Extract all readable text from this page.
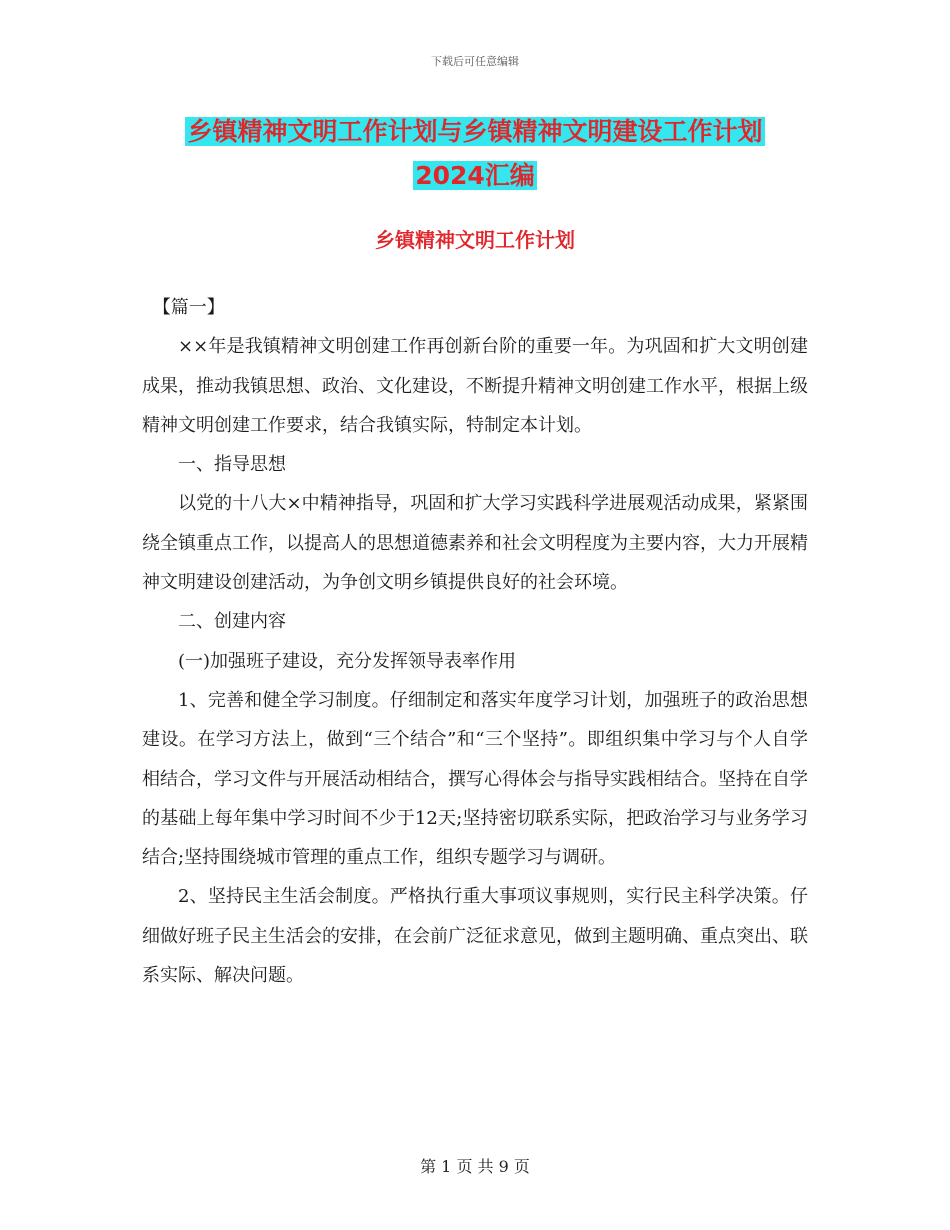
下载后可任意编辑
乡镇精神文明工作计划与乡镇精神文明建设工作计划
2024汇编
乡镇精神文明工作计划

【篇一】

××年是我镇精神文明创建工作再创新台阶的重要一年。为巩固和扩大文明创建成果，推动我镇思想、政治、文化建设，不断提升精神文明创建工作水平，根据上级精神文明创建工作要求，结合我镇实际，特制定本计划。

一、指导思想

以党的十八大×中精神指导，巩固和扩大学习实践科学进展观活动成果，紧紧围绕全镇重点工作，以提高人的思想道德素养和社会文明程度为主要内容，大力开展精神文明建设创建活动，为争创文明乡镇提供良好的社会环境。

二、创建内容

(一)加强班子建设，充分发挥领导表率作用

1、完善和健全学习制度。仔细制定和落实年度学习计划，加强班子的政治思想建设。在学习方法上，做到“三个结合”和“三个坚持”。即组织集中学习与个人自学相结合，学习文件与开展活动相结合，撰写心得体会与指导实践相结合。坚持在自学的基础上每年集中学习时间不少于12天;坚持密切联系实际，把政治学习与业务学习结合;坚持围绕城市管理的重点工作，组织专题学习与调研。

2、坚持民主生活会制度。严格执行重大事项议事规则，实行民主科学决策。仔细做好班子民主生活会的安排，在会前广泛征求意见，做到主题明确、重点突出、联系实际、解决问题。

第 1 页 共 9 页
